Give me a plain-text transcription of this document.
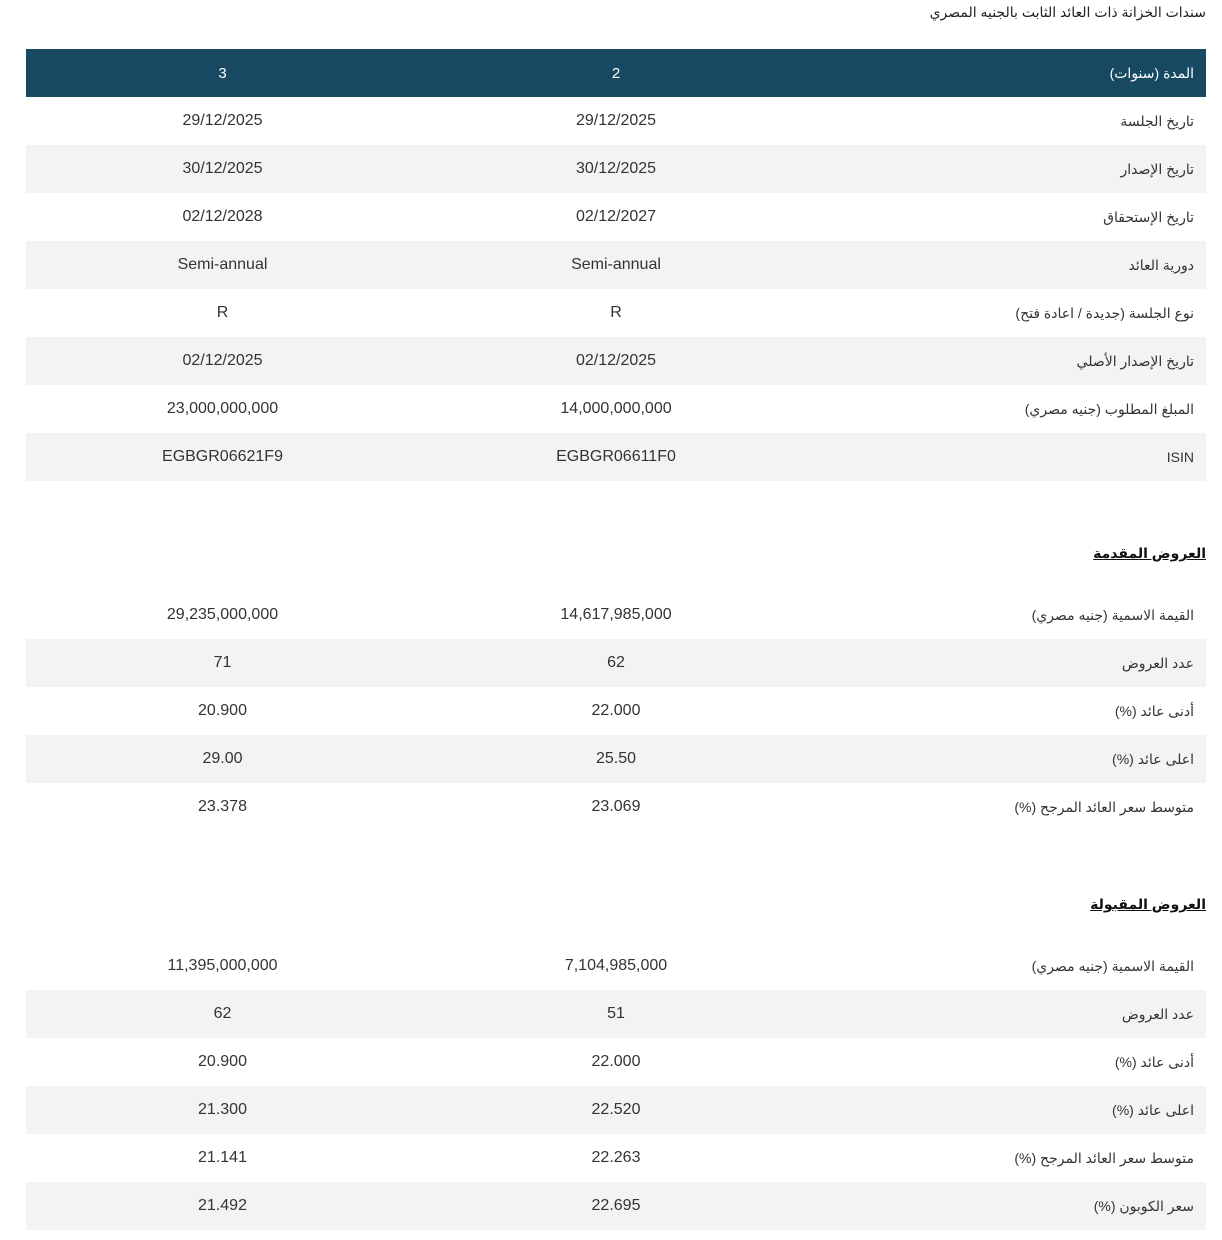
سندات الخزانة ذات العائد الثابت بالجنيه المصري
المدة (سنوات)	2	3
تاريخ الجلسة	29/12/2025	29/12/2025
تاريخ الإصدار	30/12/2025	30/12/2025
تاريخ الإستحقاق	02/12/2027	02/12/2028
دورية العائد	Semi-annual	Semi-annual
نوع الجلسة (جديدة / اعادة فتح)	R	R
تاريخ الإصدار الأصلي	02/12/2025	02/12/2025
المبلغ المطلوب (جنيه مصري)	14,000,000,000	23,000,000,000
ISIN	EGBGR06611F0	EGBGR06621F9
العروض المقدمة
القيمة الاسمية (جنيه مصري)	14,617,985,000	29,235,000,000
عدد العروض	62	71
أدنى عائد (%)	22.000	20.900
اعلى عائد (%)	25.50	29.00
متوسط سعر العائد المرجح (%)	23.069	23.378
العروض المقبولة
القيمة الاسمية (جنيه مصري)	7,104,985,000	11,395,000,000
عدد العروض	51	62
أدنى عائد (%)	22.000	20.900
اعلى عائد (%)	22.520	21.300
متوسط سعر العائد المرجح (%)	22.263	21.141
سعر الكوبون (%)	22.695	21.492
